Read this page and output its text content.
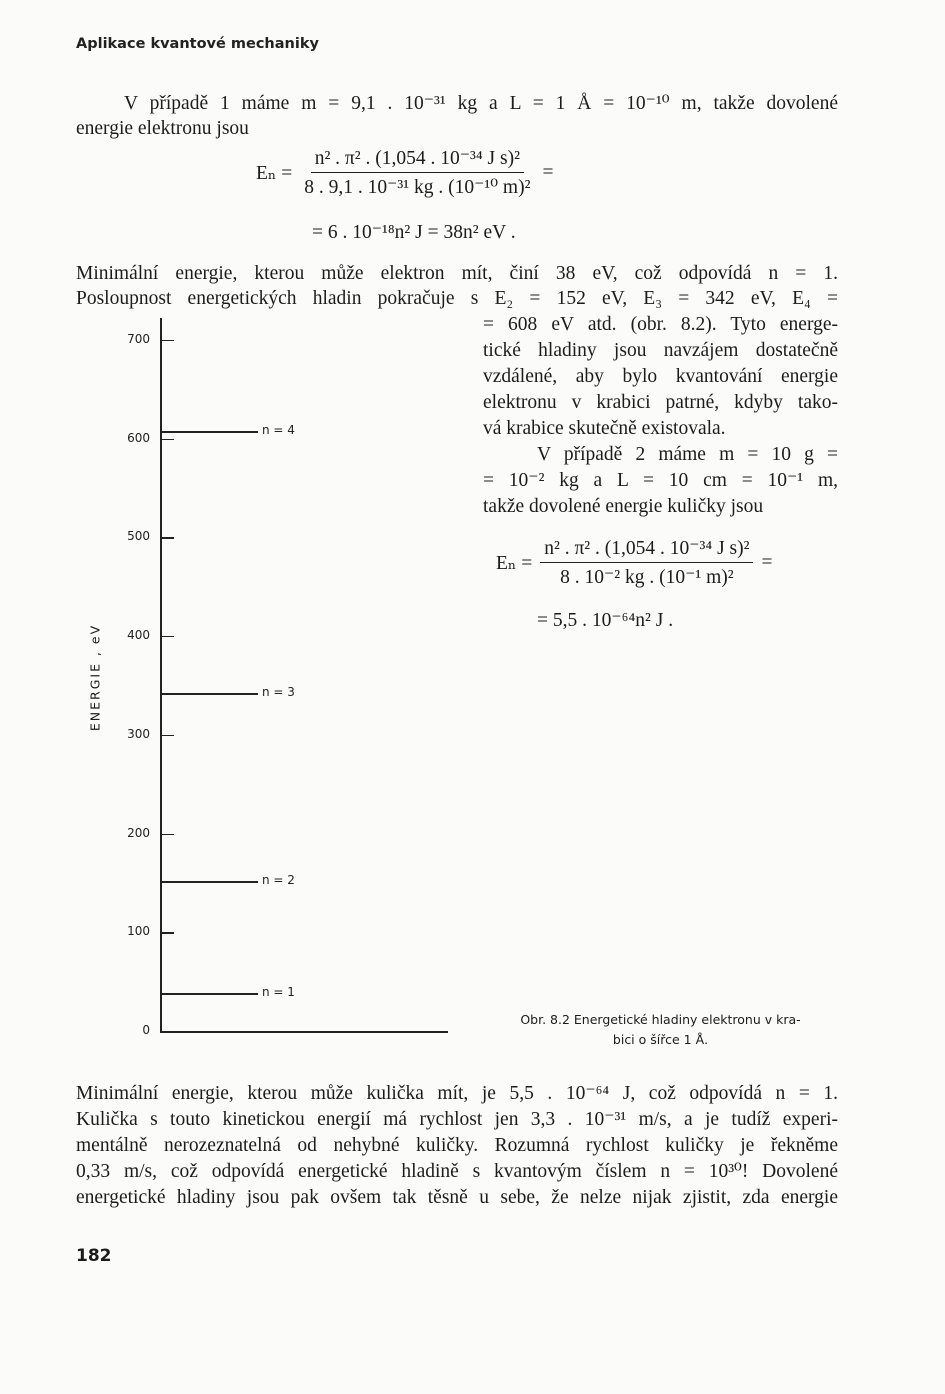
Aplikace kvantové mechaniky
V případě 1 máme m = 9,1 . 10⁻³¹ kg a L = 1 Å = 10⁻¹⁰ m, takže dovolené
energie elektronu jsou
$E_n = \frac{\text{n² . π² . (1,054 . 10⁻³⁴ J s)²}}{\text{8 . 9,1 . 10⁻³¹ kg . (10⁻¹⁰ m)²}}$ =
= 6 . 10⁻¹⁸n² J = 38n² eV .
Minimální energie, kterou může elektron mít, činí 38 eV, což odpovídá n = 1.
Posloupnost energetických hladin pokračuje s E₂ = 152 eV, E₃ = 342 eV, E₄ =
= 608 eV atd. (obr. 8.2). Tyto energe-
tické hladiny jsou navzájem dostatečně
vzdálené, aby bylo kvantování energie
elektronu v krabici patrné, kdyby tako-
vá krabice skutečně existovala.
V případě 2 máme m = 10 g =
= 10⁻² kg a L = 10 cm = 10⁻¹ m,
takže dovolené energie kuličky jsou
$E_n = \frac{\text{n² . π² . (1,054 . 10⁻³⁴ J s)²}}{\text{8 . 10⁻² kg . (10⁻¹ m)²}}$ =
= 5,5 . 10⁻⁶⁴n² J .
ENERGIE , eV
0
100
200
300
400
500
600
700
n = 1
n = 2
n = 3
n = 4
Obr. 8.2 Energetické hladiny elektronu v kra-
bici o šířce 1 Å.
Minimální energie, kterou může kulička mít, je 5,5 . 10⁻⁶⁴ J, což odpovídá n = 1.
Kulička s touto kinetickou energií má rychlost jen 3,3 . 10⁻³¹ m/s, a je tudíž experi-
mentálně nerozeznatelná od nehybné kuličky. Rozumná rychlost kuličky je řekněme
0,33 m/s, což odpovídá energetické hladině s kvantovým číslem n = 10³⁰! Dovolené
energetické hladiny jsou pak ovšem tak těsně u sebe, že nelze nijak zjistit, zda energie
182
